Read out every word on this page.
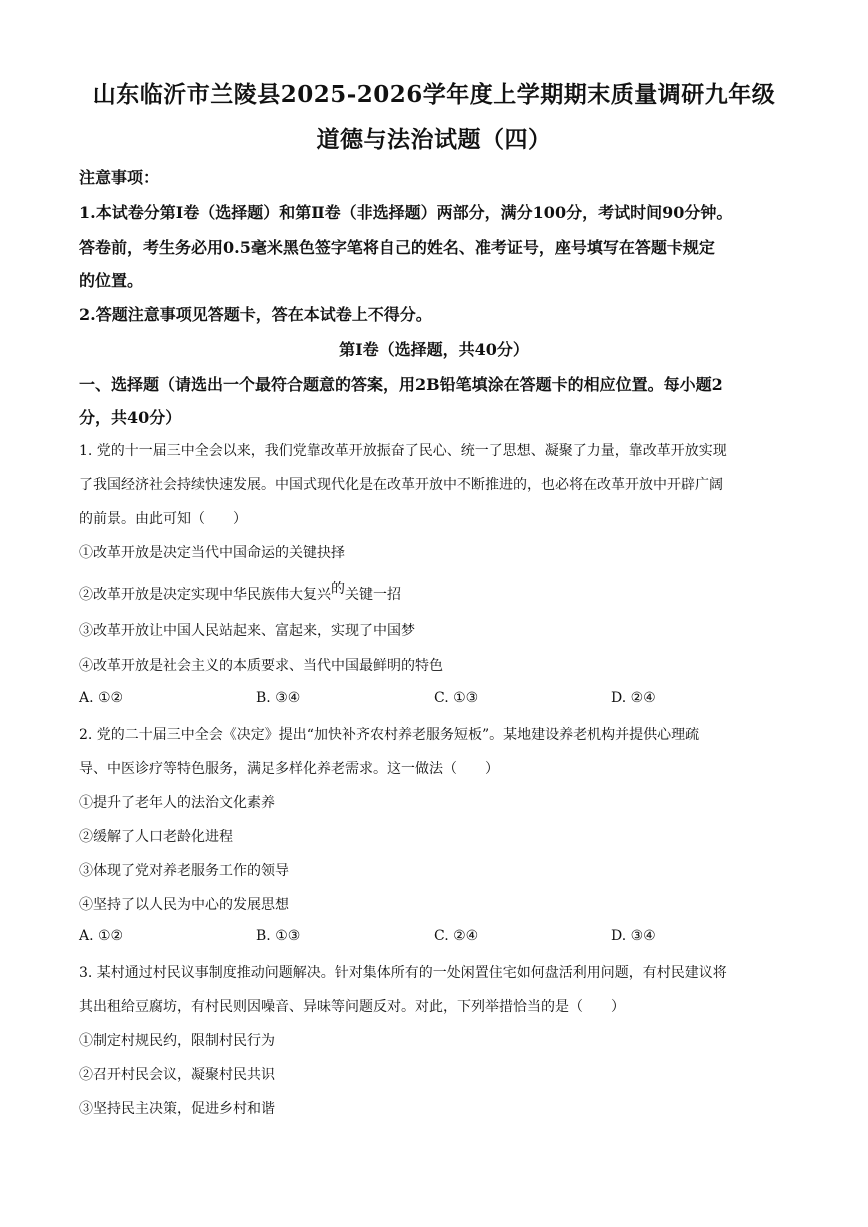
山东临沂市兰陵县2025-2026学年度上学期期末质量调研九年级
道德与法治试题（四）
注意事项：
1.本试卷分第Ⅰ卷（选择题）和第Ⅱ卷（非选择题）两部分，满分100分，考试时间90分钟。
答卷前，考生务必用0.5毫米黑色签字笔将自己的姓名、准考证号，座号填写在答题卡规定
的位置。
2.答题注意事项见答题卡，答在本试卷上不得分。
第Ⅰ卷（选择题，共40分）
一、选择题（请选出一个最符合题意的答案，用2B铅笔填涂在答题卡的相应位置。每小题2
分，共40分）
1. 党的十一届三中全会以来，我们党靠改革开放振奋了民心、统一了思想、凝聚了力量，靠改革开放实现
了我国经济社会持续快速发展。中国式现代化是在改革开放中不断推进的，也必将在改革开放中开辟广阔
的前景。由此可知（　　）
①改革开放是决定当代中国命运的关键抉择
②改革开放是决定实现中华民族伟大复兴的关键一招
③改革开放让中国人民站起来、富起来，实现了中国梦
④改革开放是社会主义的本质要求、当代中国最鲜明的特色
A. ①②	B. ③④	C. ①③	D. ②④
2. 党的二十届三中全会《决定》提出“加快补齐农村养老服务短板”。某地建设养老机构并提供心理疏
导、中医诊疗等特色服务，满足多样化养老需求。这一做法（　　）
①提升了老年人的法治文化素养
②缓解了人口老龄化进程
③体现了党对养老服务工作的领导
④坚持了以人民为中心的发展思想
A. ①②	B. ①③	C. ②④	D. ③④
3. 某村通过村民议事制度推动问题解决。针对集体所有的一处闲置住宅如何盘活利用问题，有村民建议将
其出租给豆腐坊，有村民则因噪音、异味等问题反对。对此，下列举措恰当的是（　　）
①制定村规民约，限制村民行为
②召开村民会议，凝聚村民共识
③坚持民主决策，促进乡村和谐
